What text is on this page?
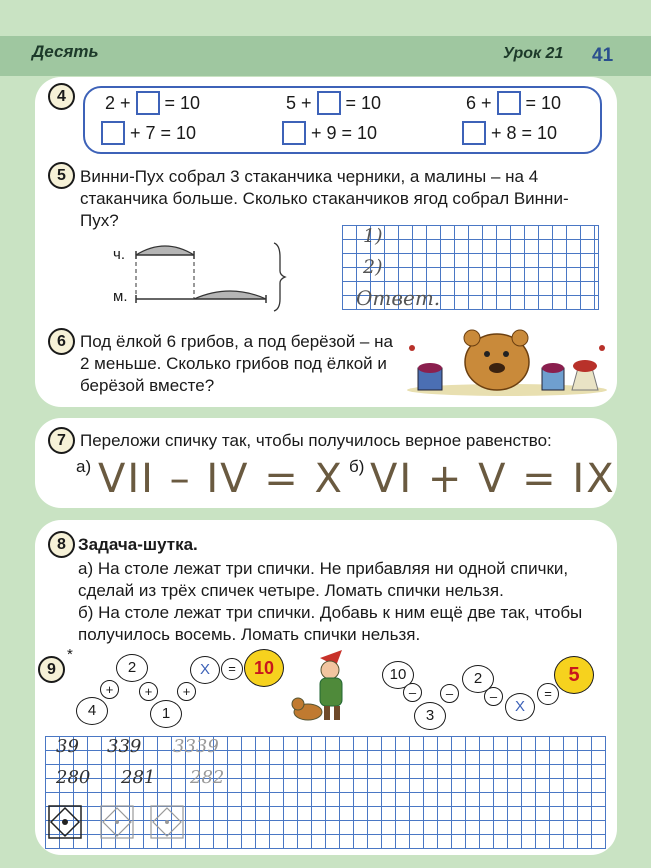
Десять	Урок 21 41
4	2 + = 10	5 + = 10	6 + = 10
+ 7 = 10	+ 9 = 10	+ 8 = 10
5 Винни-Пух собрал 3 стаканчика черники, а малины – на 4 стаканчика больше. Сколько стаканчиков ягод собрал Винни-Пух?
ч.
м.
1)
2)
Ответ.
6 Под ёлкой 6 грибов, а под берёзой – на 2 меньше. Сколько грибов под ёлкой и берёзой вместе?
7 Переложи спичку так, чтобы получилось верное равенство:
а) VII – IV = X б) VI + V = IX
8 Задача-шутка.
а) На столе лежат три спички. Не прибавляя ни одной спички, сделай из трёх спичек четыре. Ломать спички нельзя.
б) На столе лежат три спички. Добавь к ним ещё две так, чтобы получилось восемь. Ломать спички нельзя.
9
*
4
+
2
+
1
+
X	=	10	10
–
3
–
2
–
X
=
5
39 339 3339
280 281 282
